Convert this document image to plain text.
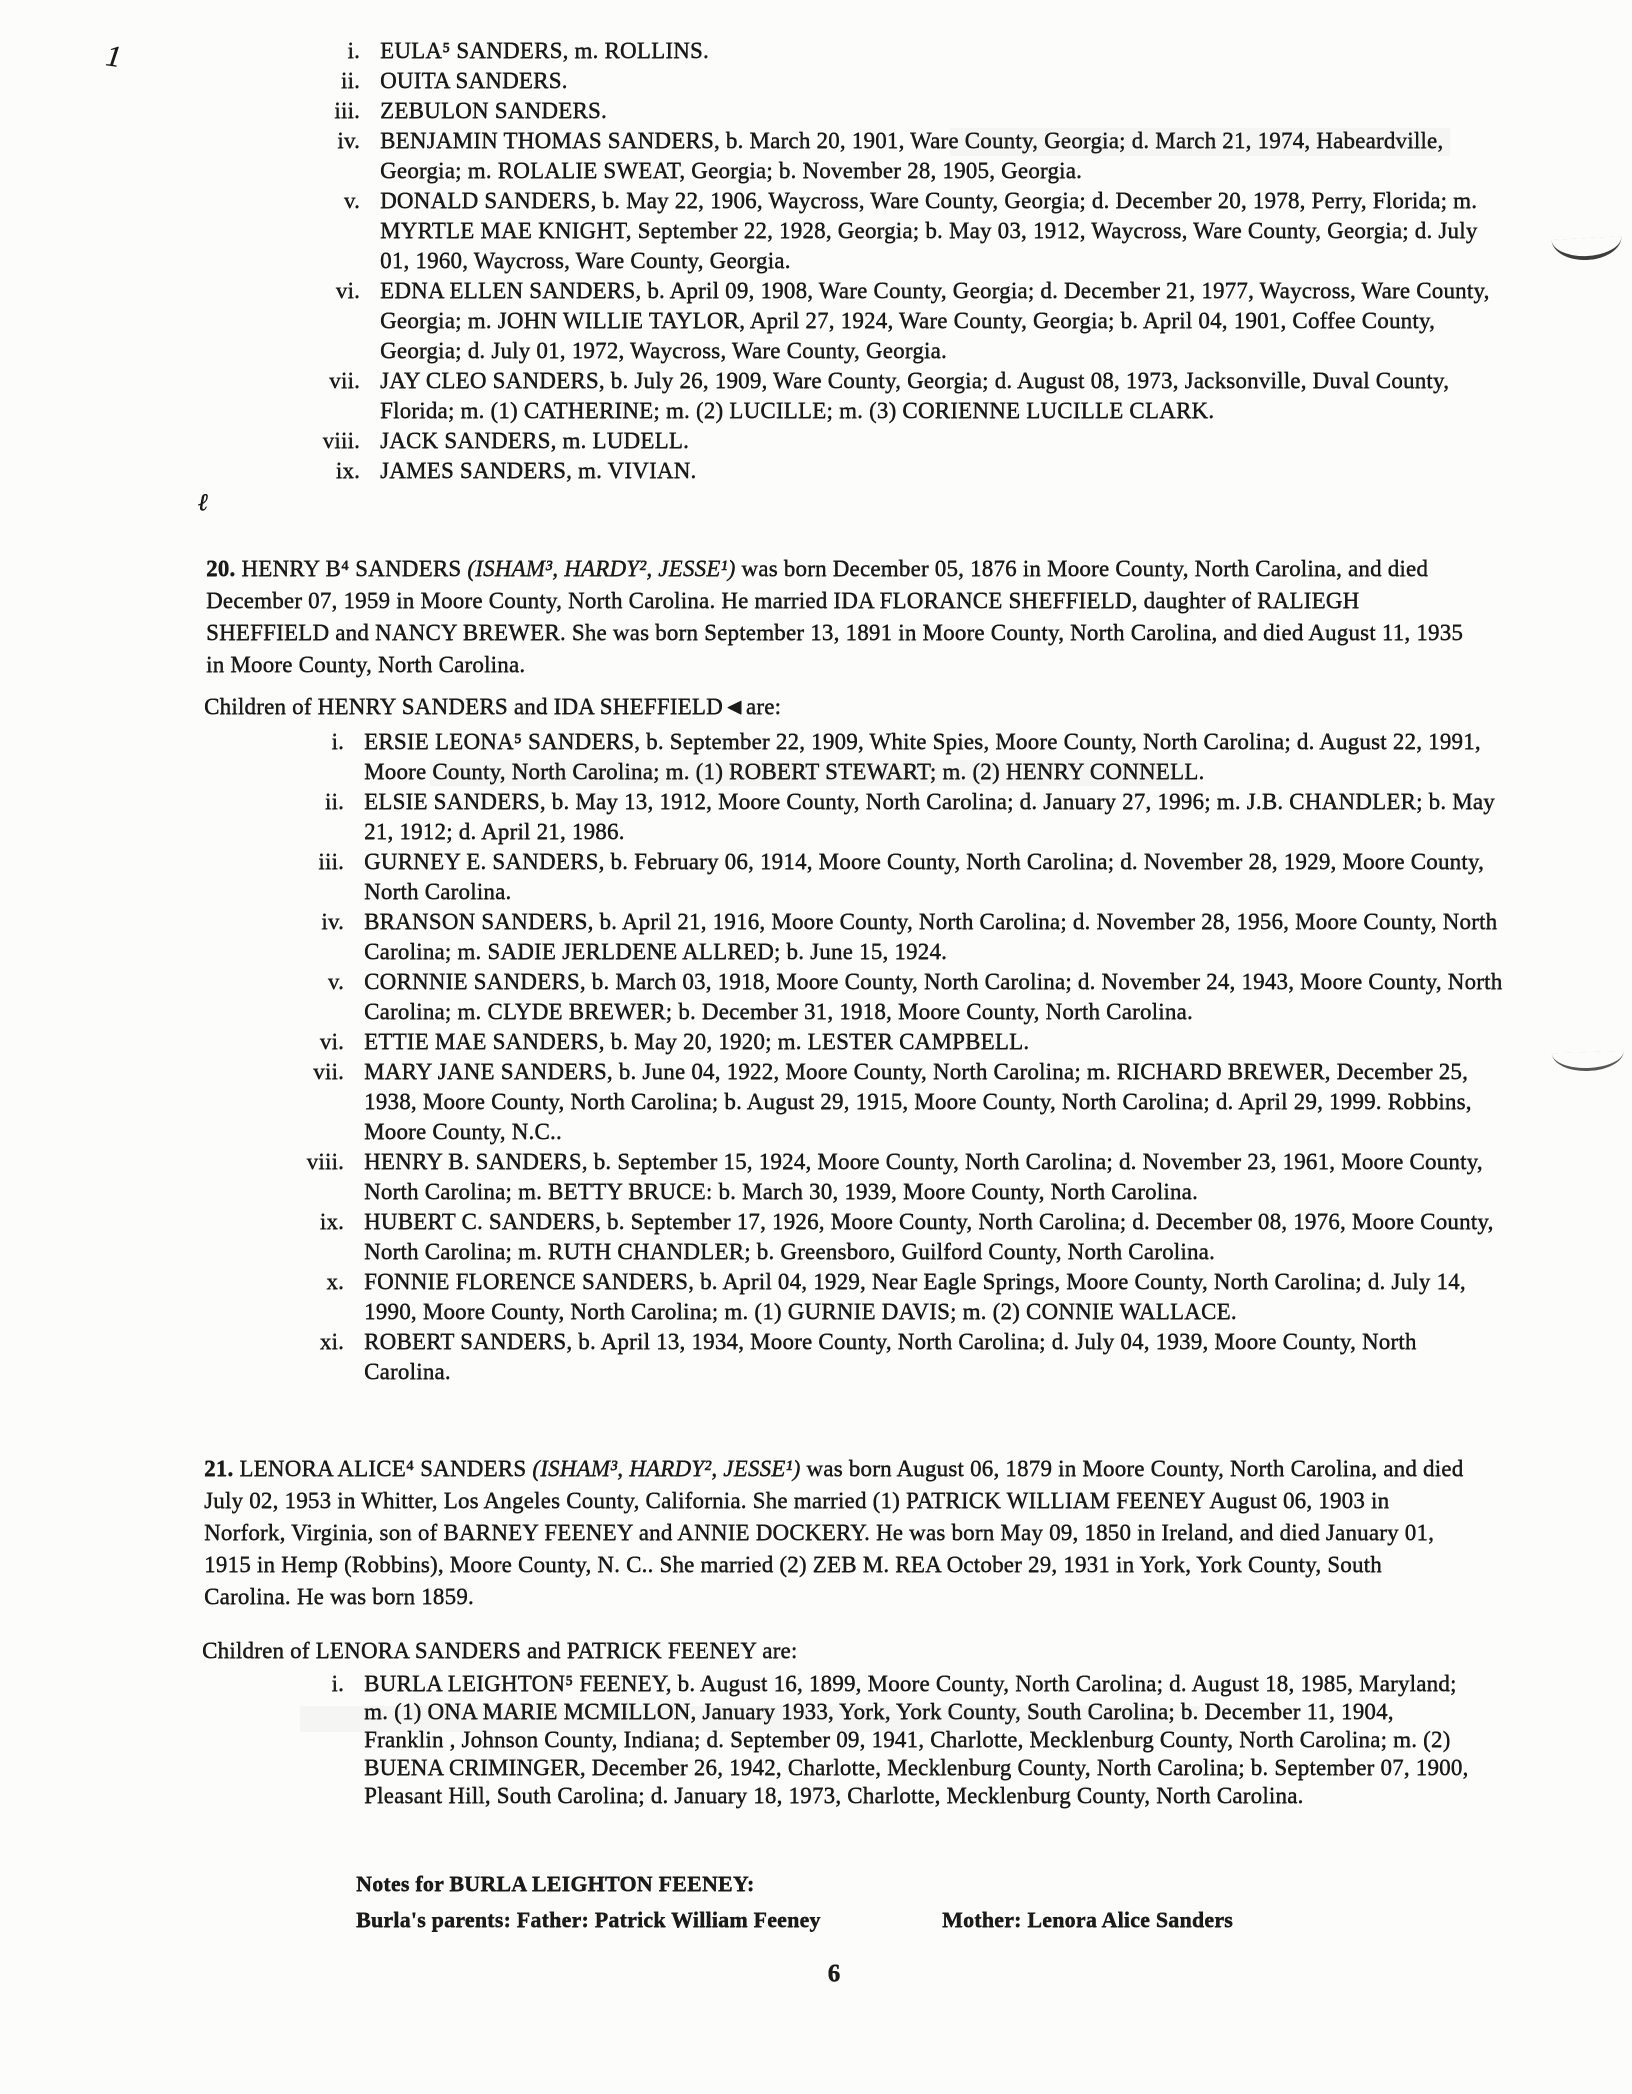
1
ℓ
i. EULA⁵ SANDERS, m. ROLLINS.
ii. OUITA SANDERS.
iii. ZEBULON SANDERS.
iv. BENJAMIN THOMAS SANDERS, b. March 20, 1901, Ware County, Georgia; d. March 21, 1974, Habeardville, Georgia; m. ROLALIE SWEAT, Georgia; b. November 28, 1905, Georgia.
v. DONALD SANDERS, b. May 22, 1906, Waycross, Ware County, Georgia; d. December 20, 1978, Perry, Florida; m. MYRTLE MAE KNIGHT, September 22, 1928, Georgia; b. May 03, 1912, Waycross, Ware County, Georgia; d. July 01, 1960, Waycross, Ware County, Georgia.
vi. EDNA ELLEN SANDERS, b. April 09, 1908, Ware County, Georgia; d. December 21, 1977, Waycross, Ware County, Georgia; m. JOHN WILLIE TAYLOR, April 27, 1924, Ware County, Georgia; b. April 04, 1901, Coffee County, Georgia; d. July 01, 1972, Waycross, Ware County, Georgia.
vii. JAY CLEO SANDERS, b. July 26, 1909, Ware County, Georgia; d. August 08, 1973, Jacksonville, Duval County, Florida; m. (1) CATHERINE; m. (2) LUCILLE; m. (3) CORIENNE LUCILLE CLARK.
viii. JACK SANDERS, m. LUDELL.
ix. JAMES SANDERS, m. VIVIAN.

20. HENRY B⁴ SANDERS (ISHAM³, HARDY², JESSE¹) was born December 05, 1876 in Moore County, North Carolina, and died December 07, 1959 in Moore County, North Carolina. He married IDA FLORANCE SHEFFIELD, daughter of RALIEGH SHEFFIELD and NANCY BREWER. She was born September 13, 1891 in Moore County, North Carolina, and died August 11, 1935 in Moore County, North Carolina.

Children of HENRY SANDERS and IDA SHEFFIELD◄are:
i. ERSIE LEONA⁵ SANDERS, b. September 22, 1909, White Spies, Moore County, North Carolina; d. August 22, 1991, Moore County, North Carolina; m. (1) ROBERT STEWART; m. (2) HENRY CONNELL.
ii. ELSIE SANDERS, b. May 13, 1912, Moore County, North Carolina; d. January 27, 1996; m. J.B. CHANDLER; b. May 21, 1912; d. April 21, 1986.
iii. GURNEY E. SANDERS, b. February 06, 1914, Moore County, North Carolina; d. November 28, 1929, Moore County, North Carolina.
iv. BRANSON SANDERS, b. April 21, 1916, Moore County, North Carolina; d. November 28, 1956, Moore County, North Carolina; m. SADIE JERLDENE ALLRED; b. June 15, 1924.
v. CORNNIE SANDERS, b. March 03, 1918, Moore County, North Carolina; d. November 24, 1943, Moore County, North Carolina; m. CLYDE BREWER; b. December 31, 1918, Moore County, North Carolina.
vi. ETTIE MAE SANDERS, b. May 20, 1920; m. LESTER CAMPBELL.
vii. MARY JANE SANDERS, b. June 04, 1922, Moore County, North Carolina; m. RICHARD BREWER, December 25, 1938, Moore County, North Carolina; b. August 29, 1915, Moore County, North Carolina; d. April 29, 1999. Robbins, Moore County, N.C..
viii. HENRY B. SANDERS, b. September 15, 1924, Moore County, North Carolina; d. November 23, 1961, Moore County, North Carolina; m. BETTY BRUCE: b. March 30, 1939, Moore County, North Carolina.
ix. HUBERT C. SANDERS, b. September 17, 1926, Moore County, North Carolina; d. December 08, 1976, Moore County, North Carolina; m. RUTH CHANDLER; b. Greensboro, Guilford County, North Carolina.
x. FONNIE FLORENCE SANDERS, b. April 04, 1929, Near Eagle Springs, Moore County, North Carolina; d. July 14, 1990, Moore County, North Carolina; m. (1) GURNIE DAVIS; m. (2) CONNIE WALLACE.
xi. ROBERT SANDERS, b. April 13, 1934, Moore County, North Carolina; d. July 04, 1939, Moore County, North Carolina.

21. LENORA ALICE⁴ SANDERS (ISHAM³, HARDY², JESSE¹) was born August 06, 1879 in Moore County, North Carolina, and died July 02, 1953 in Whitter, Los Angeles County, California. She married (1) PATRICK WILLIAM FEENEY August 06, 1903 in Norfork, Virginia, son of BARNEY FEENEY and ANNIE DOCKERY. He was born May 09, 1850 in Ireland, and died January 01, 1915 in Hemp (Robbins), Moore County, N. C.. She married (2) ZEB M. REA October 29, 1931 in York, York County, South Carolina. He was born 1859.

Children of LENORA SANDERS and PATRICK FEENEY are:
i. BURLA LEIGHTON⁵ FEENEY, b. August 16, 1899, Moore County, North Carolina; d. August 18, 1985, Maryland; m. (1) ONA MARIE MCMILLON, January 1933, York, York County, South Carolina; b. December 11, 1904, Franklin , Johnson County, Indiana; d. September 09, 1941, Charlotte, Mecklenburg County, North Carolina; m. (2) BUENA CRIMINGER, December 26, 1942, Charlotte, Mecklenburg County, North Carolina; b. September 07, 1900, Pleasant Hill, South Carolina; d. January 18, 1973, Charlotte, Mecklenburg County, North Carolina.
Notes for BURLA LEIGHTON FEENEY:
Burla's parents: Father: Patrick William Feeney	Mother: Lenora Alice Sanders
6
